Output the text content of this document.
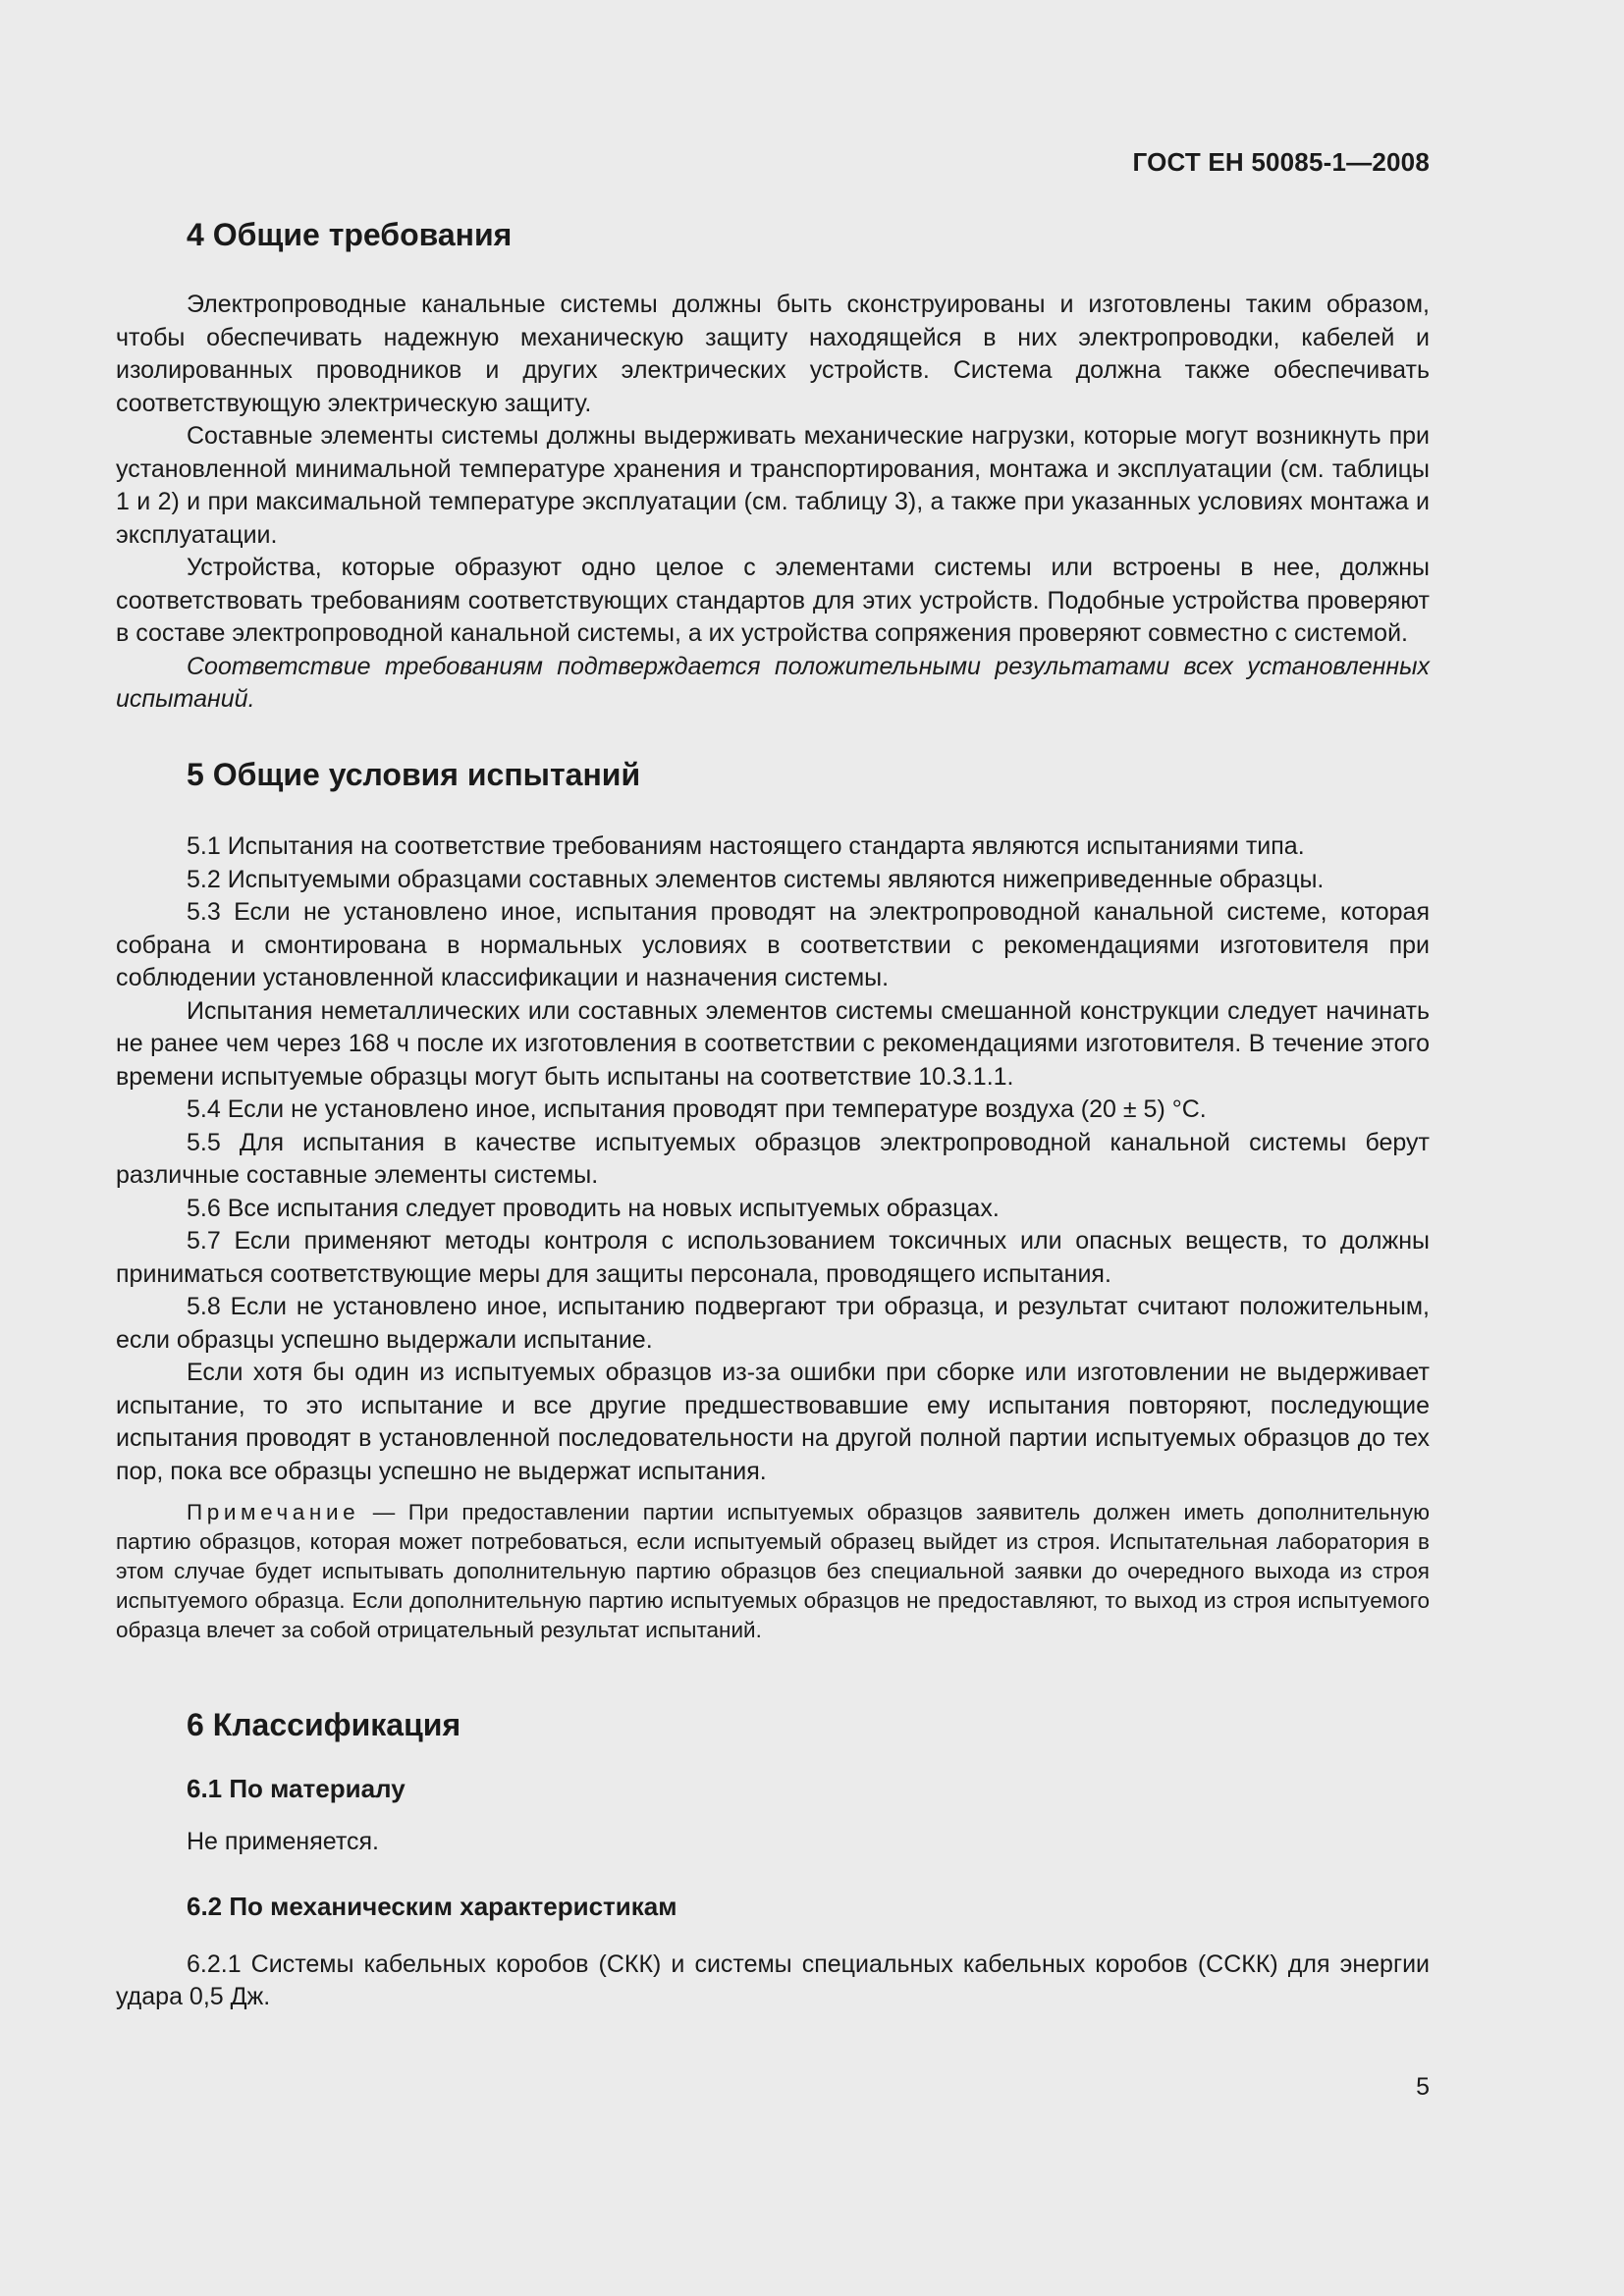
ГОСТ ЕН 50085-1—2008
4 Общие требования

Электропроводные канальные системы должны быть сконструированы и изготовлены таким образом, чтобы обеспечивать надежную механическую защиту находящейся в них электропроводки, кабелей и изолированных проводников и других электрических устройств. Система должна также обеспечивать соответствующую электрическую защиту.

Составные элементы системы должны выдерживать механические нагрузки, которые могут возникнуть при установленной минимальной температуре хранения и транспортирования, монтажа и эксплуатации (см. таблицы 1 и 2) и при максимальной температуре эксплуатации (см. таблицу 3), а также при указанных условиях монтажа и эксплуатации.

Устройства, которые образуют одно целое с элементами системы или встроены в нее, должны соответствовать требованиям соответствующих стандартов для этих устройств. Подобные устройства проверяют в составе электропроводной канальной системы, а их устройства сопряжения проверяют совместно с системой.

Соответствие требованиям подтверждается положительными результатами всех установленных испытаний.

5 Общие условия испытаний

5.1 Испытания на соответствие требованиям настоящего стандарта являются испытаниями типа.

5.2 Испытуемыми образцами составных элементов системы являются нижеприведенные образцы.

5.3 Если не установлено иное, испытания проводят на электропроводной канальной системе, которая собрана и смонтирована в нормальных условиях в соответствии с рекомендациями изготовителя при соблюдении установленной классификации и назначения системы.

Испытания неметаллических или составных элементов системы смешанной конструкции следует начинать не ранее чем через 168 ч после их изготовления в соответствии с рекомендациями изготовителя. В течение этого времени испытуемые образцы могут быть испытаны на соответствие 10.3.1.1.

5.4 Если не установлено иное, испытания проводят при температуре воздуха (20 ± 5) °C.

5.5 Для испытания в качестве испытуемых образцов электропроводной канальной системы берут различные составные элементы системы.

5.6 Все испытания следует проводить на новых испытуемых образцах.

5.7 Если применяют методы контроля с использованием токсичных или опасных веществ, то должны приниматься соответствующие меры для защиты персонала, проводящего испытания.

5.8 Если не установлено иное, испытанию подвергают три образца, и результат считают положительным, если образцы успешно выдержали испытание.

Если хотя бы один из испытуемых образцов из-за ошибки при сборке или изготовлении не выдерживает испытание, то это испытание и все другие предшествовавшие ему испытания повторяют, последующие испытания проводят в установленной последовательности на другой полной партии испытуемых образцов до тех пор, пока все образцы успешно не выдержат испытания.

Примечание — При предоставлении партии испытуемых образцов заявитель должен иметь дополнительную партию образцов, которая может потребоваться, если испытуемый образец выйдет из строя. Испытательная лаборатория в этом случае будет испытывать дополнительную партию образцов без специальной заявки до очередного выхода из строя испытуемого образца. Если дополнительную партию испытуемых образцов не предоставляют, то выход из строя испытуемого образца влечет за собой отрицательный результат испытаний.
6 Классификация
6.1 По материалу

Не применяется.

6.2 По механическим характеристикам

6.2.1 Системы кабельных коробов (СКК) и системы специальных кабельных коробов (ССКК) для энергии удара 0,5 Дж.

5
